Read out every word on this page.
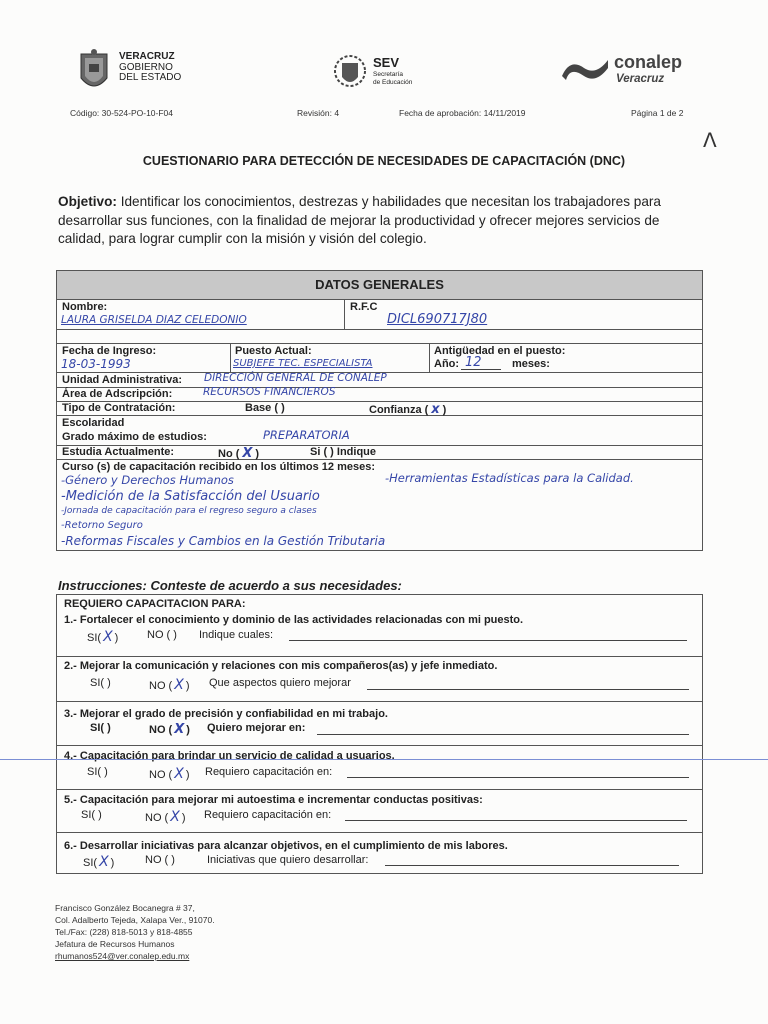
VERACRUZ
GOBIERNO
DEL ESTADO
SEV
Secretaría
de Educación
conalep
Veracruz
Código: 30-524-PO-10-F04	Revisión: 4	Fecha de aprobación: 14/11/2019	Página 1 de 2
ᐱ
CUESTIONARIO PARA DETECCIÓN DE NECESIDADES DE CAPACITACIÓN (DNC)
Objetivo: Identificar los conocimientos, destrezas y habilidades que necesitan los trabajadores para desarrollar sus funciones, con la finalidad de mejorar la productividad y ofrecer mejores servicios de calidad, para lograr cumplir con la misión y visión del colegio.
DATOS GENERALES
Nombre:
LAURA GRISELDA DIAZ CELEDONIO
R.F.C
DICL690717J80
Fecha de Ingreso:
18-03-1993
Puesto Actual:
SUBJEFE TEC. ESPECIALISTA
Antigüedad en el puesto:
Año: 12	meses:
Unidad Administrativa: DIRECCIÓN GENERAL DE CONALEP
Área de Adscripción:	RECURSOS FINANCIEROS
Tipo de Contratación:	Base ( )	Confianza ( x )
Escolaridad
Grado máximo de estudios:	PREPARATORIA
Estudia Actualmente:	No ( X )	Si ( ) Indique
Curso (s) de capacitación recibido en los últimos 12 meses:
-Género y Derechos Humanos	-Herramientas Estadísticas para la Calidad.
-Medición de la Satisfacción del Usuario
-Jornada de capacitación para el regreso seguro a clases
-Retorno Seguro
-Reformas Fiscales y Cambios en la Gestión Tributaria
Instrucciones: Conteste de acuerdo a sus necesidades:
REQUIERO CAPACITACION PARA:
1.- Fortalecer el conocimiento y dominio de las actividades relacionadas con mi puesto.
SI( X )	NO ( ) Indique cuales:
2.- Mejorar la comunicación y relaciones con mis compañeros(as) y jefe inmediato.
SI( )	NO ( X ) Que aspectos quiero mejorar
3.- Mejorar el grado de precisión y confiabilidad en mi trabajo.
SI( )	NO ( X ) Quiero mejorar en:
4.- Capacitación para brindar un servicio de calidad a usuarios.
SI( )	NO ( X ) Requiero capacitación en:
5.- Capacitación para mejorar mi autoestima e incrementar conductas positivas:
SI( )	NO ( X ) Requiero capacitación en:
6.- Desarrollar iniciativas para alcanzar objetivos, en el cumplimiento de mis labores.
SI( X )	NO ( )	Iniciativas que quiero desarrollar:
Francisco González Bocanegra # 37,
Col. Adalberto Tejeda, Xalapa Ver., 91070.
Tel./Fax: (228) 818-5013 y 818-4855
Jefatura de Recursos Humanos
rhumanos524@ver.conalep.edu.mx
